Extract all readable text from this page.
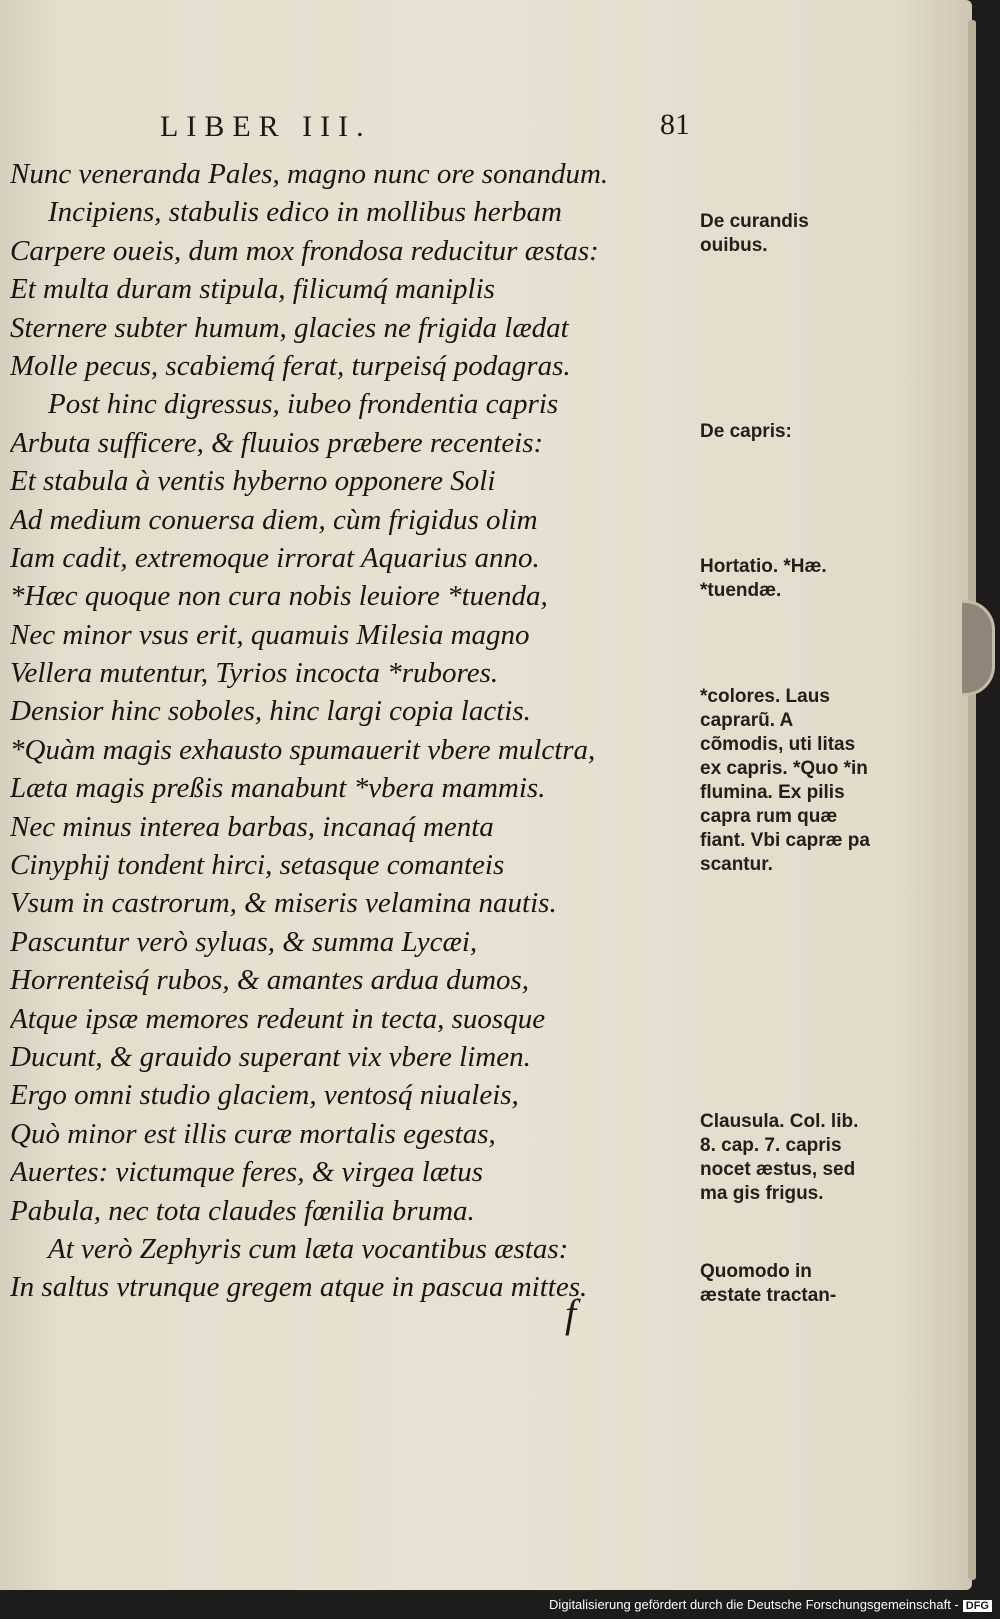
LIBER III.	81
Nunc veneranda Pales, magno nunc ore sonandum.
Incipiens, stabulis edico in mollibus herbam
Carpere oueis, dum mox frondosa reducitur æstas:
Et multa duram stipula, filicumq́ maniplis
Sternere subter humum, glacies ne frigida lædat
Molle pecus, scabiemq́ ferat, turpeisq́ podagras.
Post hinc digressus, iubeo frondentia capris
Arbuta sufficere, & fluuios præbere recenteis:
Et stabula à ventis hyberno opponere Soli
Ad medium conuersa diem, cùm frigidus olim
Iam cadit, extremoque irrorat Aquarius anno.
*Hæc quoque non cura nobis leuiore *tuenda,
Nec minor vsus erit, quamuis Milesia magno
Vellera mutentur, Tyrios incocta *rubores.
Densior hinc soboles, hinc largi copia lactis.
*Quàm magis exhausto spumauerit vbere mulctra,
Læta magis preßis manabunt *vbera mammis.
Nec minus interea barbas, incanaq́ menta
Cinyphij tondent hirci, setasque comanteis
Vsum in castrorum, & miseris velamina nautis.
Pascuntur verò syluas, & summa Lycæi,
Horrenteisq́ rubos, & amantes ardua dumos,
Atque ipsæ memores redeunt in tecta, suosque
Ducunt, & grauido superant vix vbere limen.
Ergo omni studio glaciem, ventosq́ niualeis,
Quò minor est illis curæ mortalis egestas,
Auertes: victumque feres, & virgea lætus
Pabula, nec tota claudes fœnilia bruma.
At verò Zephyris cum læta vocantibus æstas:
In saltus vtrunque gregem atque in pascua mittes.
De curandis ouibus.
De capris:
Hortatio. *Hæ. *tuendæ.
*colores. Laus caprarũ. A cõmodis, uti litas ex capris. *Quo *in flumina. Ex pilis capra rum quæ fiant. Vbi capræ pa scantur.
Clausula. Col. lib. 8. cap. 7. capris nocet æstus, sed ma gis frigus.
Quomodo in æstate tractan-
f
Digitalisierung gefördert durch die Deutsche Forschungsgemeinschaft - DFG
